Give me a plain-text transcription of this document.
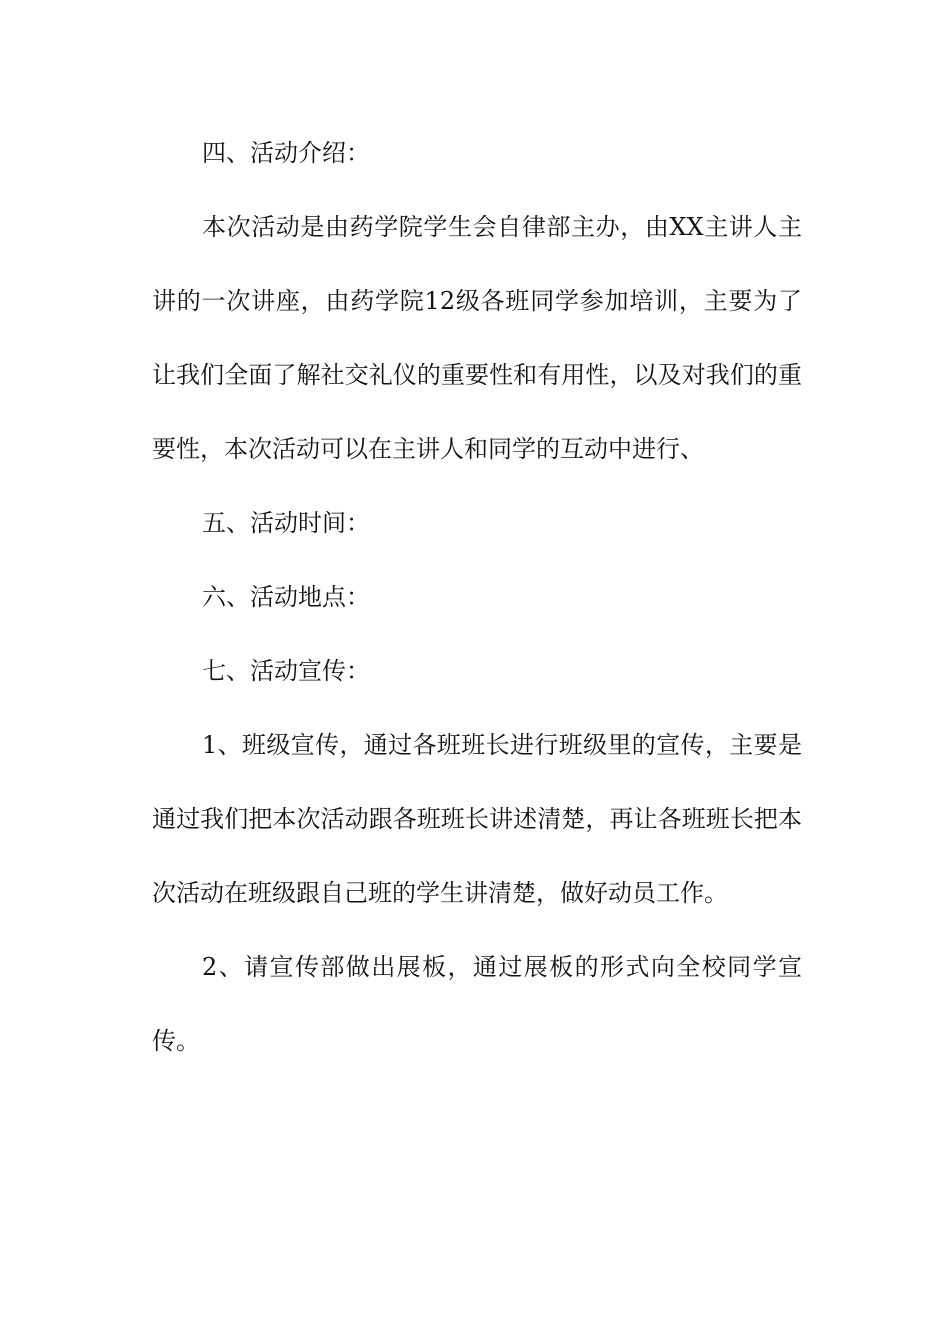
四、活动介绍：

本次活动是由药学院学生会自律部主办，由XX主讲人主讲的一次讲座，由药学院12级各班同学参加培训，主要为了让我们全面了解社交礼仪的重要性和有用性，以及对我们的重要性，本次活动可以在主讲人和同学的互动中进行、

五、活动时间：

六、活动地点：

七、活动宣传：

1、班级宣传，通过各班班长进行班级里的宣传，主要是通过我们把本次活动跟各班班长讲述清楚，再让各班班长把本次活动在班级跟自己班的学生讲清楚，做好动员工作。

2、请宣传部做出展板，通过展板的形式向全校同学宣传。
